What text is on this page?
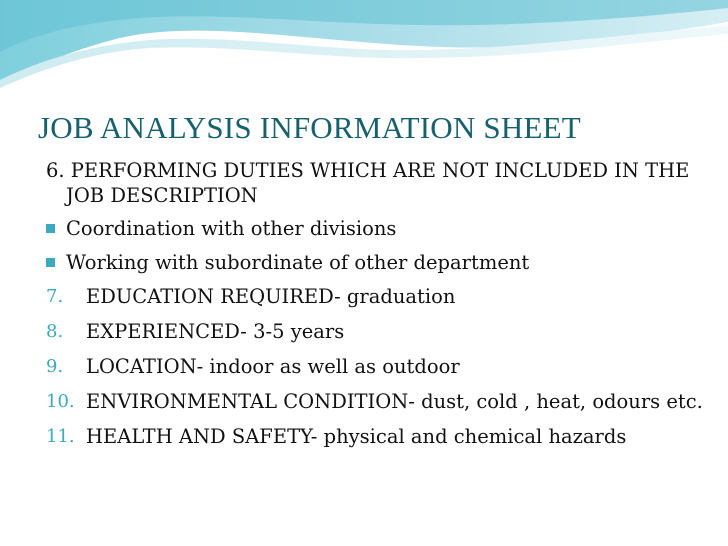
JOB ANALYSIS INFORMATION SHEET
6. PERFORMING DUTIES WHICH ARE NOT INCLUDED IN THE JOB DESCRIPTION
Coordination with other divisions
Working with subordinate of other department
7. EDUCATION REQUIRED- graduation
8. EXPERIENCED- 3-5 years
9. LOCATION- indoor as well as outdoor
10. ENVIRONMENTAL CONDITION- dust, cold , heat, odours etc.
11. HEALTH AND SAFETY- physical and chemical hazards
